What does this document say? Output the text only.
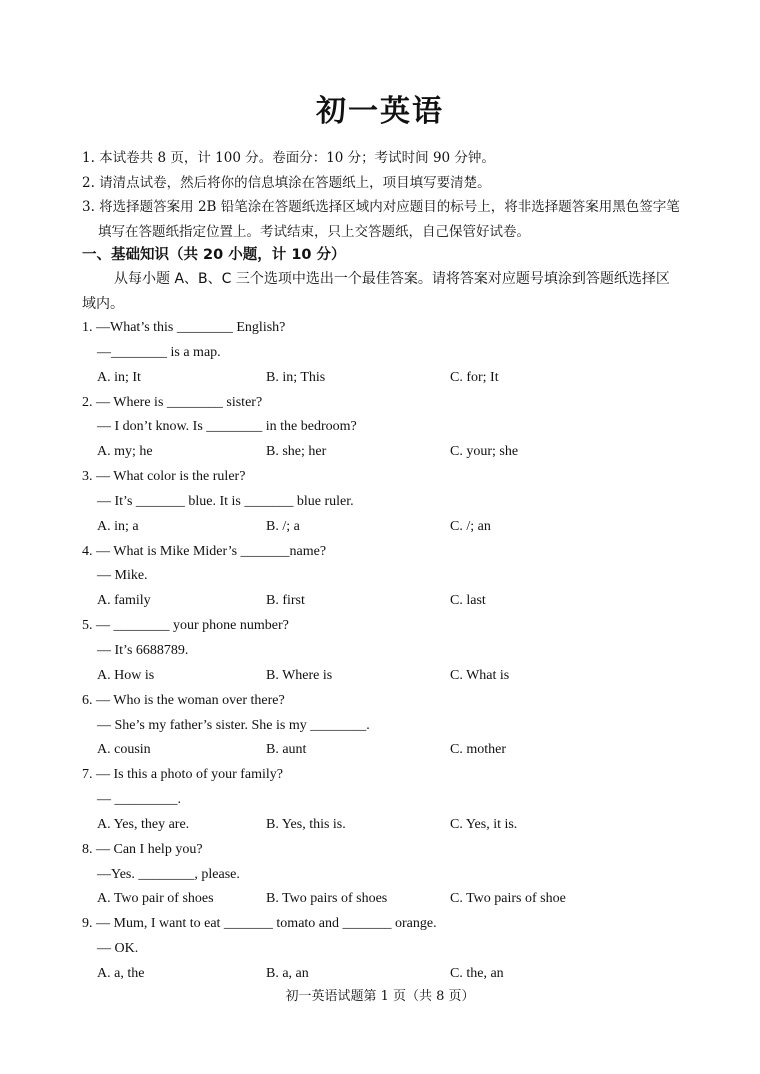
初一英语

1. 本试卷共 8 页，计 100 分。卷面分：10 分；考试时间 90 分钟。

2. 请清点试卷，然后将你的信息填涂在答题纸上，项目填写要清楚。

3. 将选择题答案用 2B 铅笔涂在答题纸选择区域内对应题目的标号上，将非选择题答案用黑色签字笔填写在答题纸指定位置上。考试结束，只上交答题纸，自己保管好试卷。

一、基础知识（共 20 小题，计 10 分）
从每小题 A、B、C 三个选项中选出一个最佳答案。请将答案对应题号填涂到答题纸选择区域内。
1. —What’s this ________ English?
—________ is a map.
A. in; It	B. in; This	C. for; It
2. — Where is ________ sister?
— I don’t know. Is ________ in the bedroom?
A. my; he	B. she; her	C. your; she
3. — What color is the ruler?
— It’s _______ blue. It is _______ blue ruler.
A. in; a	B. /; a	C. /; an
4. — What is Mike Mider’s _______name?
— Mike.
A. family	B. first	C. last
5. — ________ your phone number?
— It’s 6688789.
A. How is	B. Where is	C. What is
6. — Who is the woman over there?
— She’s my father’s sister. She is my ________.
A. cousin	B. aunt	C. mother
7. — Is this a photo of your family?
— _________.
A. Yes, they are.	B. Yes, this is.	C. Yes, it is.
8. — Can I help you?
—Yes. ________, please.
A. Two pair of shoes	B. Two pairs of shoes	C. Two pairs of shoe
9. — Mum, I want to eat _______ tomato and _______ orange.
— OK.
A. a, the	B. a, an	C. the, an
初一英语试题第 1 页（共 8 页）
